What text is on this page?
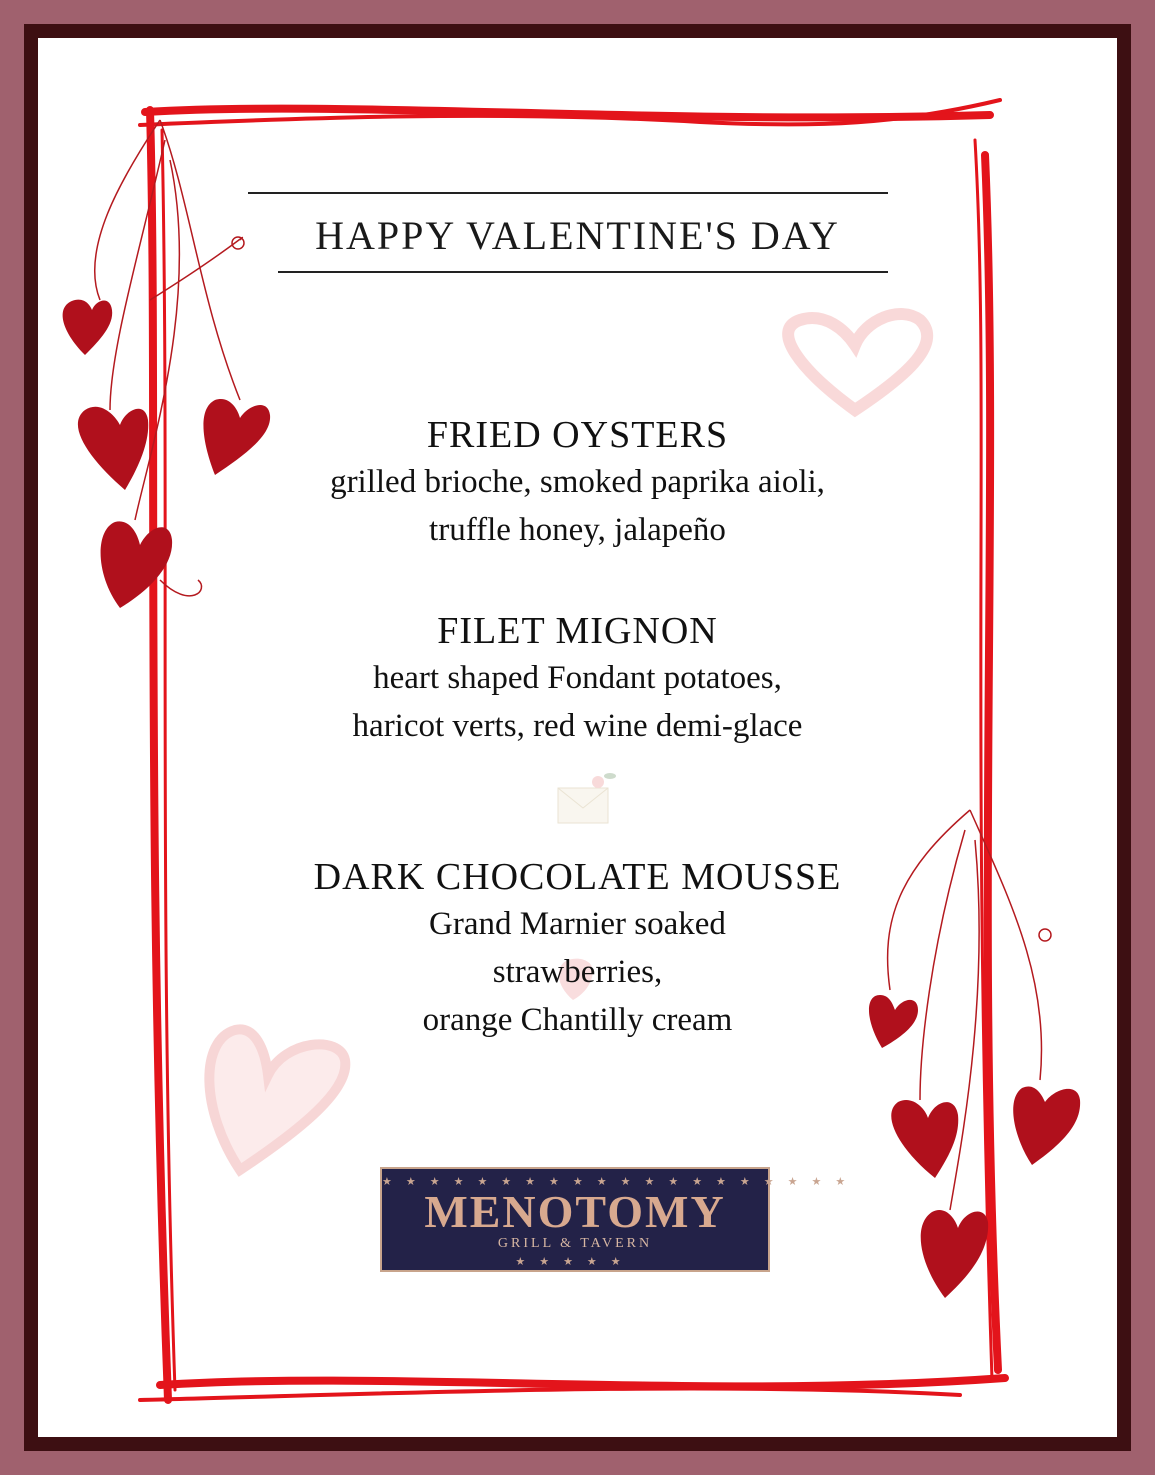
HAPPY VALENTINE'S DAY
FRIED OYSTERS
grilled brioche, smoked paprika aioli,
truffle honey, jalapeño
FILET MIGNON
heart shaped Fondant potatoes,
haricot verts, red wine demi-glace
DARK CHOCOLATE MOUSSE
Grand Marnier soaked
strawberries,
orange Chantilly cream
★★★★★★★★★★★★★★★★★★★★
MENOTOMY
GRILL & TAVERN
★★★★★
